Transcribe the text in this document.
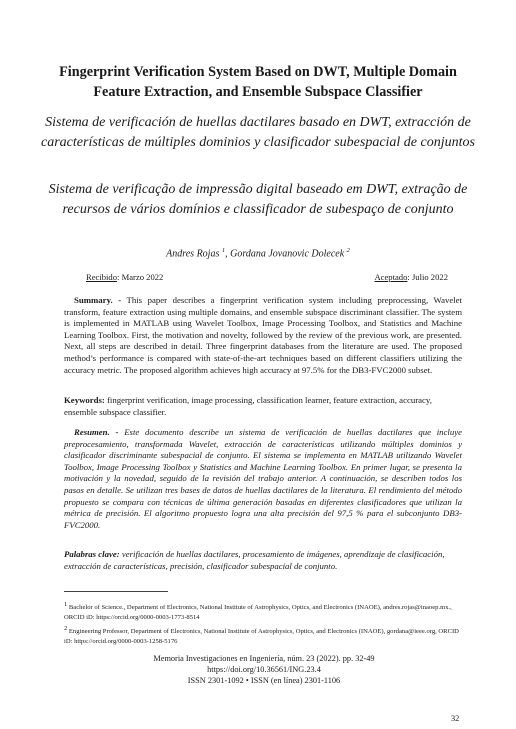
Fingerprint Verification System Based on DWT, Multiple Domain Feature Extraction, and Ensemble Subspace Classifier
Sistema de verificación de huellas dactilares basado en DWT, extracción de características de múltiples dominios y clasificador subespacial de conjuntos
Sistema de verificação de impressão digital baseado em DWT, extração de recursos de vários domínios e classificador de subespaço de conjunto
Andres Rojas $^1$, Gordana Jovanovic Dolecek $^2$
Recibido: Marzo 2022	Aceptado: Julio 2022

Summary. - This paper describes a fingerprint verification system including preprocessing, Wavelet transform, feature extraction using multiple domains, and ensemble subspace discriminant classifier. The system is implemented in MATLAB using Wavelet Toolbox, Image Processing Toolbox, and Statistics and Machine Learning Toolbox. First, the motivation and novelty, followed by the review of the previous work, are presented. Next, all steps are described in detail. Three fingerprint databases from the literature are used. The proposed method’s performance is compared with state-of-the-art techniques based on different classifiers utilizing the accuracy metric. The proposed algorithm achieves high accuracy at 97.5% for the DB3-FVC2000 subset.

Keywords: fingerprint verification, image processing, classification learner, feature extraction, accuracy, ensemble subspace classifier.

Resumen. - Este documento describe un sistema de verificación de huellas dactilares que incluye preprocesamiento, transformada Wavelet, extracción de características utilizando múltiples dominios y clasificador discriminante subespacial de conjunto. El sistema se implementa en MATLAB utilizando Wavelet Toolbox, Image Processing Toolbox y Statistics and Machine Learning Toolbox. En primer lugar, se presenta la motivación y la novedad, seguido de la revisión del trabajo anterior. A continuación, se describen todos los pasos en detalle. Se utilizan tres bases de datos de huellas dactilares de la literatura. El rendimiento del método propuesto se compara con técnicas de última generación basadas en diferentes clasificadores que utilizan la métrica de precisión. El algoritmo propuesto logra una alta precisión del 97,5 % para el subconjunto DB3-FVC2000.

Palabras clave: verificación de huellas dactilares, procesamiento de imágenes, aprendizaje de clasificación, extracción de características, precisión, clasificador subespacial de conjunto.

$^1$ Bachelor of Science., Department of Electronics, National Institute of Astrophysics, Optics, and Electronics (INAOE), andres.rojas@inaoep.mx., ORCID iD: https://orcid.org/0000-0003-1773-8514

$^2$ Engineering Professor, Department of Electronics, National Institute of Astrophysics, Optics, and Electronics (INAOE), gordana@ieee.org, ORCID iD: https://orcid.org/0000-0003-1258-5176

Memoria Investigaciones en Ingeniería, núm. 23 (2022). pp. 32-49
https://doi.org/10.36561/ING.23.4
ISSN 2301-1092 • ISSN (en línea) 2301-1106
32
